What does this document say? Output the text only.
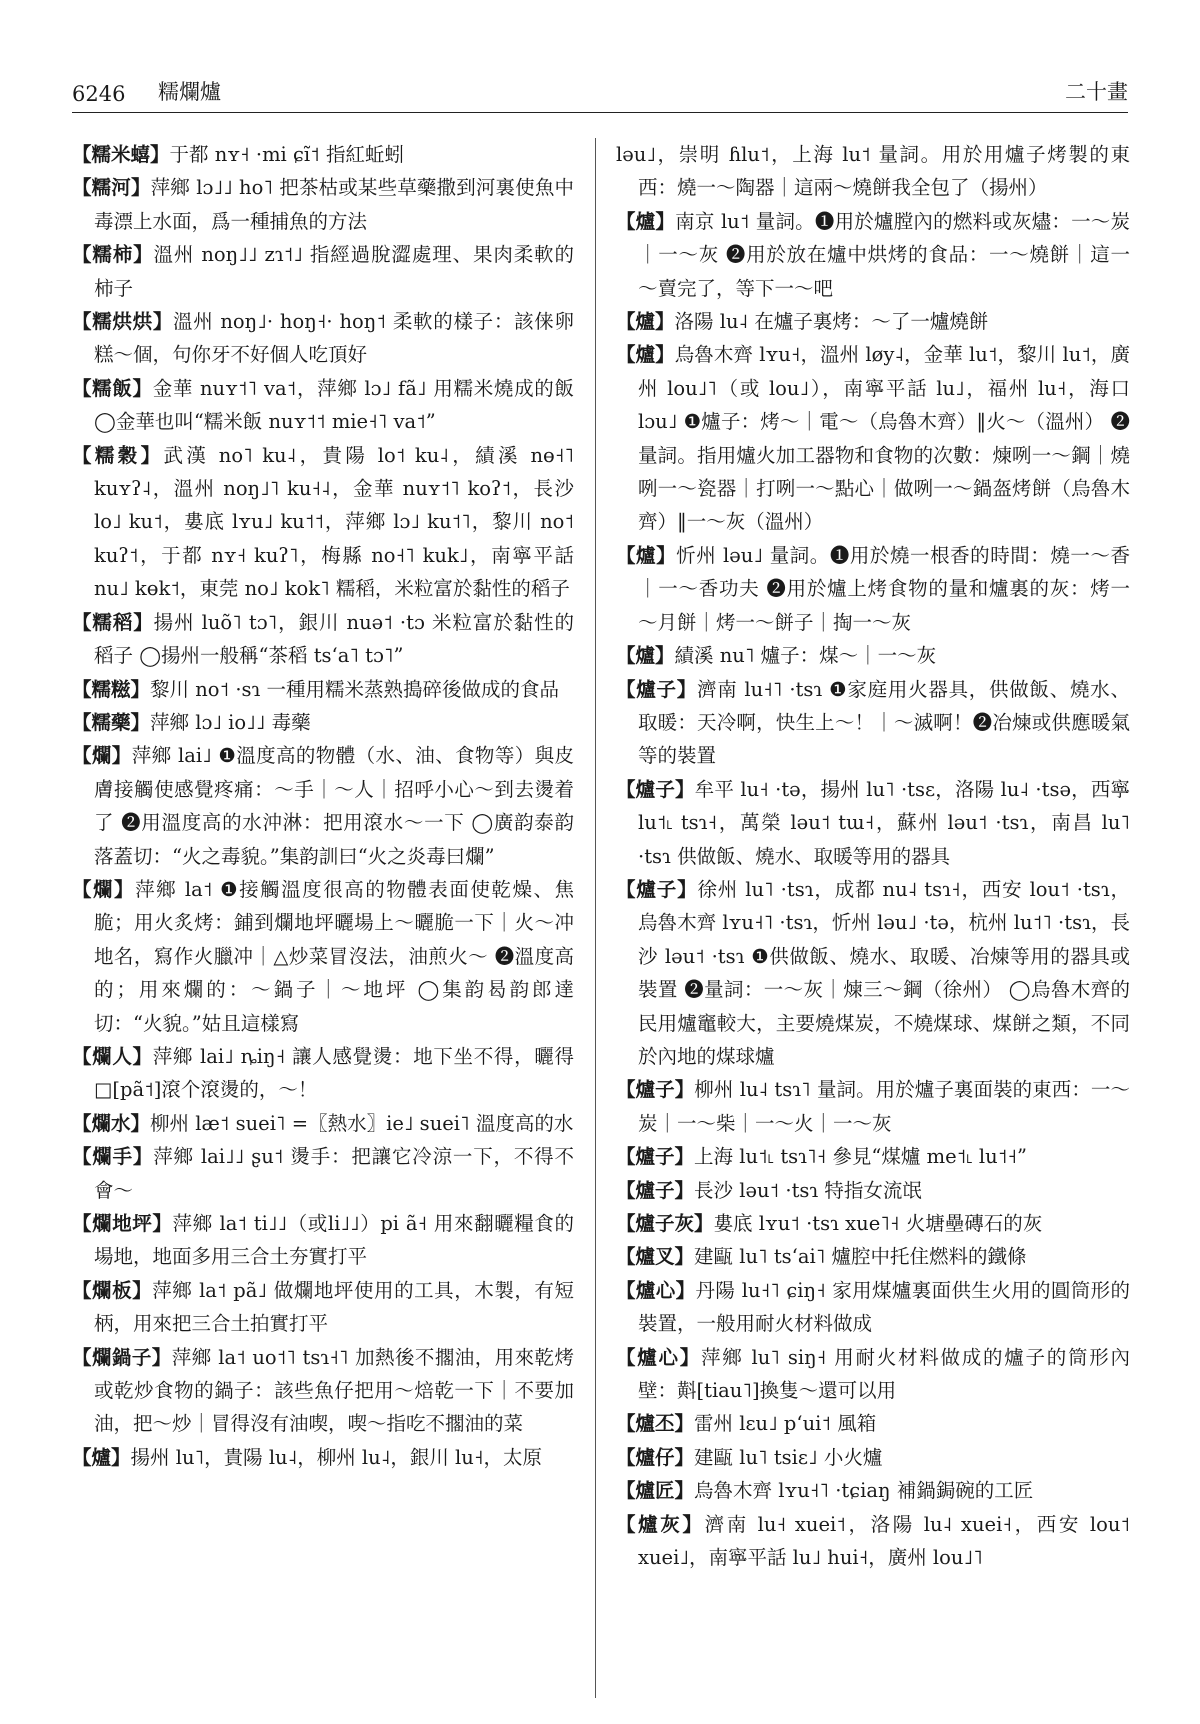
6246 糯爛爐	二十畫
【糯米蟢】于都 nʏ˧ ·mi ɕĩ˦ 指紅蚯蚓
【糯河】萍鄉 lɔ˩˩ ho˥ 把茶枯或某些草藥撒到河裏使魚中毒漂上水面，爲一種捕魚的方法
【糯柿】溫州 noŋ˩˩ zɿ˦˩ 指經過脫澀處理、果肉柔軟的柿子
【糯烘烘】溫州 noŋ˩· hoŋ˧· hoŋ˦ 柔軟的樣子：該俫卵糕～個，句你牙不好個人吃頂好
【糯飯】金華 nuʏ˦˥ va˦，萍鄉 lɔ˩ fã˩ 用糯米燒成的飯 ◯金華也叫“糯米飯 nuʏ˦˦ mie˧˥ va˦”
【糯穀】武漢 no˥ ku˨，貴陽 lo˦ ku˨，績溪 nɵ˧˥ kuʏʔ˨，溫州 noŋ˩˥ ku˧˨，金華 nuʏ˦˥ koʔ˦，長沙 lo˩ ku˦，婁底 lʏu˩ ku˦˦，萍鄉 lɔ˩ ku˦˥，黎川 no˦ kuʔ˦，于都 nʏ˧ kuʔ˥，梅縣 no˧˥ kuk˩，南寧平話 nu˩ kɵk˦，東莞 no˩ kok˥ 糯稻，米粒富於黏性的稻子
【糯稻】揚州 luõ˥ tɔ˥，銀川 nuə˦ ·tɔ 米粒富於黏性的稻子 ◯揚州一般稱“茶稻 tsʻa˥ tɔ˥”
【糯糍】黎川 no˦ ·sɿ 一種用糯米蒸熟搗碎後做成的食品
【糯藥】萍鄉 lɔ˩ io˩˩ 毒藥
【爛】萍鄉 lai˩ ❶溫度高的物體（水、油、食物等）與皮膚接觸使感覺疼痛：～手｜～人｜招呼小心～到去燙着了 ❷用溫度高的水沖淋：把用滾水～一下 ◯廣韵泰韵落蓋切：“火之毒貌。”集韵訓曰“火之炎毒曰爛”
【爛】萍鄉 la˦ ❶接觸溫度很高的物體表面使乾燥、焦脆；用火炙烤：鋪到爛地坪曬場上～曬脆一下｜火～冲地名，寫作火臘冲｜△炒菜冒沒法，油煎火～ ❷溫度高的；用來爛的：～鍋子｜～地坪 ◯集韵曷韵郎達切：“火貌。”姑且這樣寫
【爛人】萍鄉 lai˩ ȵiŋ˧ 讓人感覺燙：地下坐不得，曬得□[pã˦]滾个滾燙的，～！
【爛水】柳州 læ˦ suei˥ =〖熱水〗ie˩ suei˥ 溫度高的水
【爛手】萍鄉 lai˩˩ ʂu˦ 燙手：把讓它冷涼一下，不得不會～
【爛地坪】萍鄉 la˦ ti˩˩（或li˩˩）pi ã˧ 用來翻曬糧食的場地，地面多用三合土夯實打平
【爛板】萍鄉 la˦ pã˩ 做爛地坪使用的工具，木製，有短柄，用來把三合土拍實打平
【爛鍋子】萍鄉 la˦ uo˦˥ tsɿ˧˥ 加熱後不擱油，用來乾烤或乾炒食物的鍋子：該些魚仔把用～焙乾一下｜不要加油，把～炒｜冒得沒有油喫，喫～指吃不擱油的菜
【爐】揚州 lu˥，貴陽 lu˨，柳州 lu˨，銀川 lu˧，太原
ləu˩，崇明 ɦlu˦，上海 lu˦ 量詞。用於用爐子烤製的東西：燒一～陶器｜這兩～燒餅我全包了（揚州）
【爐】南京 lu˦ 量詞。❶用於爐膛內的燃料或灰燼：一～炭｜一～灰 ❷用於放在爐中烘烤的食品：一～燒餅｜這一～賣完了，等下一～吧
【爐】洛陽 lu˨ 在爐子裏烤：～了一爐燒餅
【爐】烏魯木齊 lʏu˧，溫州 løy˨，金華 lu˦，黎川 lu˦，廣州 lou˩˥（或 lou˩），南寧平話 lu˩，福州 lu˧，海口 lɔu˩ ❶爐子：烤～｜電～（烏魯木齊）‖火～（溫州） ❷量詞。指用爐火加工器物和食物的次數：煉咧一～鋼｜燒咧一～瓷器｜打咧一～點心｜做咧一～鍋盔烤餅（烏魯木齊）‖一～灰（溫州）
【爐】忻州 ləu˩ 量詞。❶用於燒一根香的時間：燒一～香｜一～香功夫 ❷用於爐上烤食物的量和爐裏的灰：烤一～月餅｜烤一～餅子｜掏一～灰
【爐】績溪 nu˥ 爐子：煤～｜一～灰
【爐子】濟南 lu˧˥ ·tsɿ ❶家庭用火器具，供做飯、燒水、取暖：天冷啊，快生上～！｜～滅啊！❷冶煉或供應暖氣等的裝置
【爐子】牟平 lu˧ ·tə，揚州 lu˥ ·tsɛ，洛陽 lu˨ ·tsə，西寧 lu˦˪ tsɿ˧，萬榮 ləu˦ tɯ˧，蘇州 ləu˦ ·tsɿ，南昌 lu˥ ·tsɿ 供做飯、燒水、取暖等用的器具
【爐子】徐州 lu˥ ·tsɿ，成都 nu˨ tsɿ˧，西安 lou˦ ·tsɿ，烏魯木齊 lʏu˧˥ ·tsɿ，忻州 ləu˩ ·tə，杭州 lu˦˥ ·tsɿ，長沙 ləu˦ ·tsɿ ❶供做飯、燒水、取暖、冶煉等用的器具或裝置 ❷量詞：一～灰｜煉三～鋼（徐州） ◯烏魯木齊的民用爐竈較大，主要燒煤炭，不燒煤球、煤餅之類，不同於內地的煤球爐
【爐子】柳州 lu˨ tsɿ˥ 量詞。用於爐子裏面裝的東西：一～炭｜一～柴｜一～火｜一～灰
【爐子】上海 lu˦˪ tsɿ˥˧ 參見“煤爐 me˦˪ lu˦˧”
【爐子】長沙 ləu˦ ·tsɿ 特指女流氓
【爐子灰】婁底 lʏu˦ ·tsɿ xue˥˧ 火塘壘磚石的灰
【爐叉】建甌 lu˥ tsʻai˥ 爐腔中托住燃料的鐵條
【爐心】丹陽 lu˧˥ ɕiŋ˧ 家用煤爐裏面供生火用的圓筒形的裝置，一般用耐火材料做成
【爐心】萍鄉 lu˥ siŋ˧ 用耐火材料做成的爐子的筒形內壁：斢[tiau˥]換隻～還可以用
【爐丕】雷州 lɛu˩ pʻui˦ 風箱
【爐仔】建甌 lu˥ tsiɛ˩ 小火爐
【爐匠】烏魯木齊 lʏu˧˥ ·tɕiaŋ 補鍋鋦碗的工匠
【爐灰】濟南 lu˧ xuei˦，洛陽 lu˨ xuei˧，西安 lou˦ xuei˩，南寧平話 lu˩ hui˧，廣州 lou˩˥
